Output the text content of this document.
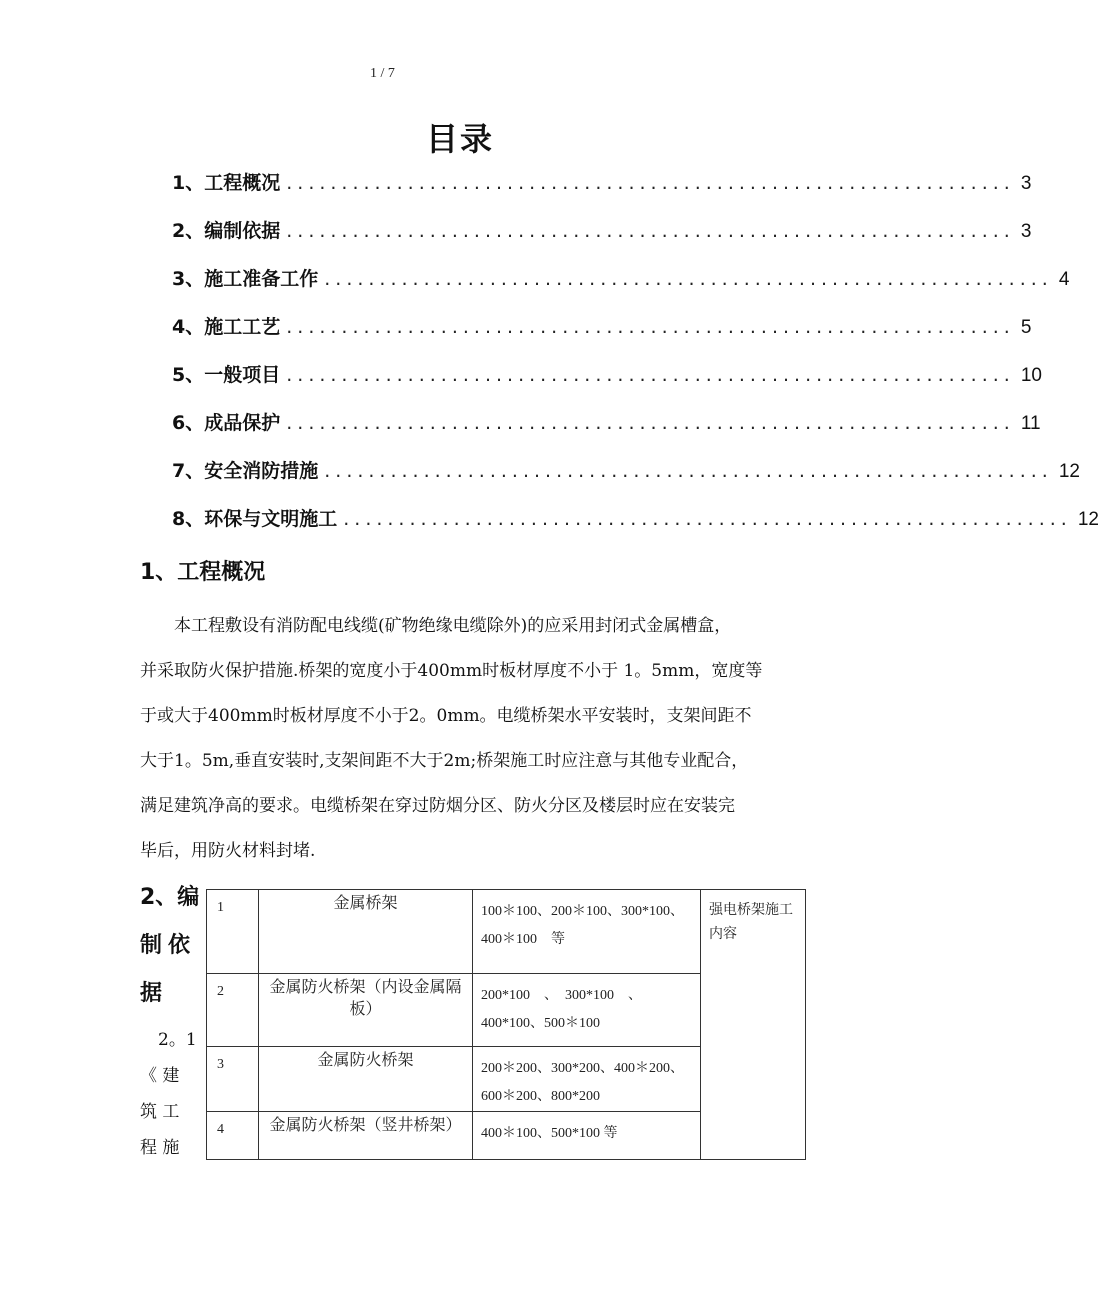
1 / 7
目录
1、工程概况 .................................................................. 3
2、编制依据 .................................................................. 3
3、施工准备工作 .................................................................. 4
4、施工工艺 .................................................................. 5
5、一般项目 .................................................................. 10
6、成品保护 .................................................................. 11
7、安全消防措施 .................................................................. 12
8、环保与文明施工 .................................................................. 12
1、工程概况
本工程敷设有消防配电线缆(矿物绝缘电缆除外)的应采用封闭式金属槽盒，
并采取防火保护措施.桥架的宽度小于400mm时板材厚度不小于 1。5mm，宽度等
于或大于400mm时板材厚度不小于2。0mm。电缆桥架水平安装时，支架间距不
大于1。5m,垂直安装时,支架间距不大于2m;桥架施工时应注意与其他专业配合，
满足建筑净高的要求。电缆桥架在穿过防烟分区、防火分区及楼层时应在安装完
毕后，用防火材料封堵.
2、编
制依
据
2。1
《 建
筑 工
程 施
1	金属桥架	100＊100、200＊100、300*100、400＊100　等	强电桥架施工内容
2	金属防火桥架（内设金属隔板）	200*100　、　300*100　、400*100、500＊100	
3	金属防火桥架	200＊200、300*200、400＊200、600＊200、800*200	
4	金属防火桥架（竖井桥架）	400＊100、500*100 等	
